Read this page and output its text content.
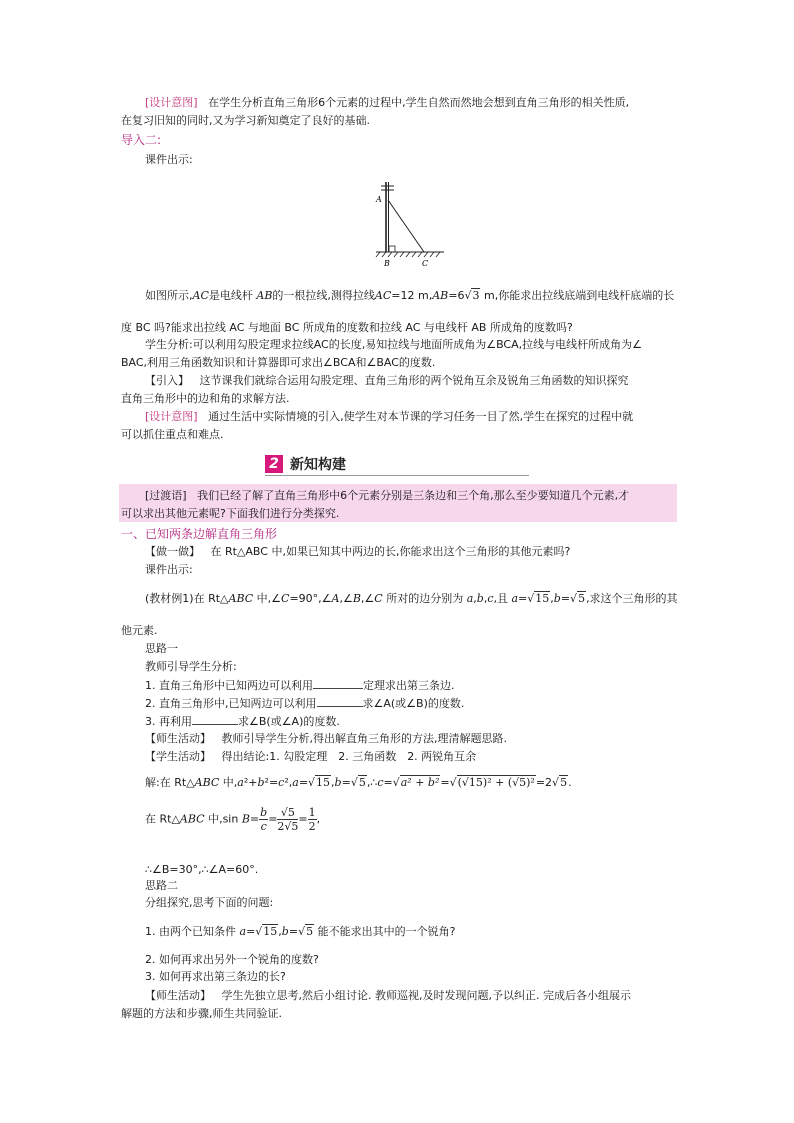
[设计意图] 在学生分析直角三角形6个元素的过程中,学生自然而然地会想到直角三角形的相关性质,
在复习旧知的同时,又为学习新知奠定了良好的基础.
导入二:
课件出示:
A
B	C
如图所示,AC是电线杆 AB的一根拉线,测得拉线AC=12 m,AB=6√3 m,你能求出拉线底端到电线杆底端的长
度 BC 吗?能求出拉线 AC 与地面 BC 所成角的度数和拉线 AC 与电线杆 AB 所成角的度数吗?
学生分析:可以利用勾股定理求拉线AC的长度,易知拉线与地面所成角为∠BCA,拉线与电线杆所成角为∠
BAC,利用三角函数知识和计算器即可求出∠BCA和∠BAC的度数.
【引入】 这节课我们就综合运用勾股定理、直角三角形的两个锐角互余及锐角三角函数的知识探究
直角三角形中的边和角的求解方法.
[设计意图] 通过生活中实际情境的引入,使学生对本节课的学习任务一目了然,学生在探究的过程中就
可以抓住重点和难点.
2 新知构建
[过渡语] 我们已经了解了直角三角形中6个元素分别是三条边和三个角,那么至少要知道几个元素,才
可以求出其他元素呢?下面我们进行分类探究.
一、已知两条边解直角三角形
【做一做】 在 Rt△ABC 中,如果已知其中两边的长,你能求出这个三角形的其他元素吗?
课件出示:
(教材例1)在 Rt△ABC 中,∠C=90°,∠A,∠B,∠C 所对的边分别为 a,b,c,且 a=√15,b=√5,求这个三角形的其
他元素.
思路一
教师引导学生分析:
1. 直角三角形中已知两边可以利用	定理求出第三条边.
2. 直角三角形中,已知两边可以利用	求∠A(或∠B)的度数.
3. 再利用	求∠B(或∠A)的度数.
【师生活动】 教师引导学生分析,得出解直角三角形的方法,理清解题思路.
【学生活动】 得出结论:1. 勾股定理　2. 三角函数　2. 两锐角互余
解:在 Rt△ABC 中,a²+b²=c²,a=√15,b=√5,∴c=√a² + b²=√(√15)² + (√5)²=2√5.
在 Rt△ABC 中,sin $B= \frac{b}{c} = \frac{√5}{2√5} = \frac{1}{2}$ ,
∴∠B=30°,∴∠A=60°.
思路二
分组探究,思考下面的问题:
1. 由两个已知条件 a=√15,b=√5 能不能求出其中的一个锐角?
2. 如何再求出另外一个锐角的度数?
3. 如何再求出第三条边的长?
【师生活动】 学生先独立思考,然后小组讨论. 教师巡视,及时发现问题,予以纠正. 完成后各小组展示
解题的方法和步骤,师生共同验证.
